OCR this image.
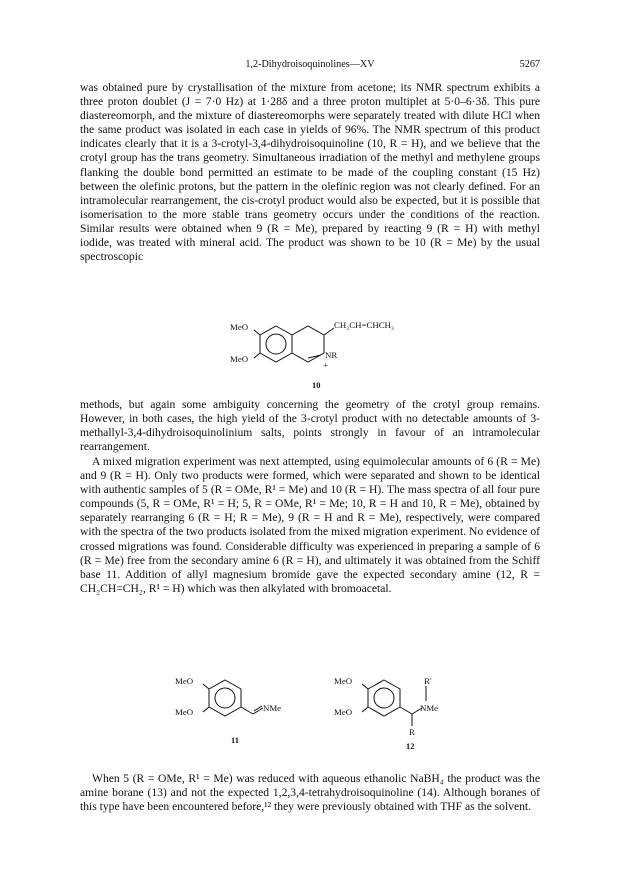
1,2-Dihydroisoquinolines—XV	5267

was obtained pure by crystallisation of the mixture from acetone; its NMR spectrum exhibits a three proton doublet (J = 7·0 Hz) at 1·28δ and a three proton multiplet at 5·0–6·3δ. This pure diastereomorph, and the mixture of diastereomorphs were separately treated with dilute HCl when the same product was isolated in each case in yields of 96%. The NMR spectrum of this product indicates clearly that it is a 3-crotyl-3,4-dihydroisoquinoline (10, R = H), and we believe that the crotyl group has the trans geometry. Simultaneous irradiation of the methyl and methylene groups flanking the double bond permitted an estimate to be made of the coupling constant (15 Hz) between the olefinic protons, but the pattern in the olefinic region was not clearly defined. For an intramolecular rearrangement, the cis-crotyl product would also be expected, but it is possible that isomerisation to the more stable trans geometry occurs under the conditions of the reaction. Similar results were obtained when 9 (R = Me), prepared by reacting 9 (R = H) with methyl iodide, was treated with mineral acid. The product was shown to be 10 (R = Me) by the usual spectroscopic

MeO
MeO
CH₂CH=CHCH₃
NR
+
10

methods, but again some ambiguity concerning the geometry of the crotyl group remains. However, in both cases, the high yield of the 3-crotyl product with no detectable amounts of 3-methallyl-3,4-dihydroisoquinolinium salts, points strongly in favour of an intramolecular rearrangement.

A mixed migration experiment was next attempted, using equimolecular amounts of 6 (R = Me) and 9 (R = H). Only two products were formed, which were separated and shown to be identical with authentic samples of 5 (R = OMe, R¹ = Me) and 10 (R = H). The mass spectra of all four pure compounds (5, R = OMe, R¹ = H; 5, R = OMe, R¹ = Me; 10, R = H and 10, R = Me), obtained by separately rearranging 6 (R = H; R = Me), 9 (R = H and R = Me), respectively, were compared with the spectra of the two products isolated from the mixed migration experiment. No evidence of crossed migrations was found. Considerable difficulty was experienced in preparing a sample of 6 (R = Me) free from the secondary amine 6 (R = H), and ultimately it was obtained from the Schiff base 11. Addition of allyl magnesium bromide gave the expected secondary amine (12, R = CH₂CH=CH₂, R¹ = H) which was then alkylated with bromoacetal.

MeO
MeO	NMe
11
MeO
MeO
R′
NMe
R
12

When 5 (R = OMe, R¹ = Me) was reduced with aqueous ethanolic NaBH₄ the product was the amine borane (13) and not the expected 1,2,3,4-tetrahydroisoquinoline (14). Although boranes of this type have been encountered before,¹² they were previously obtained with THF as the solvent.
